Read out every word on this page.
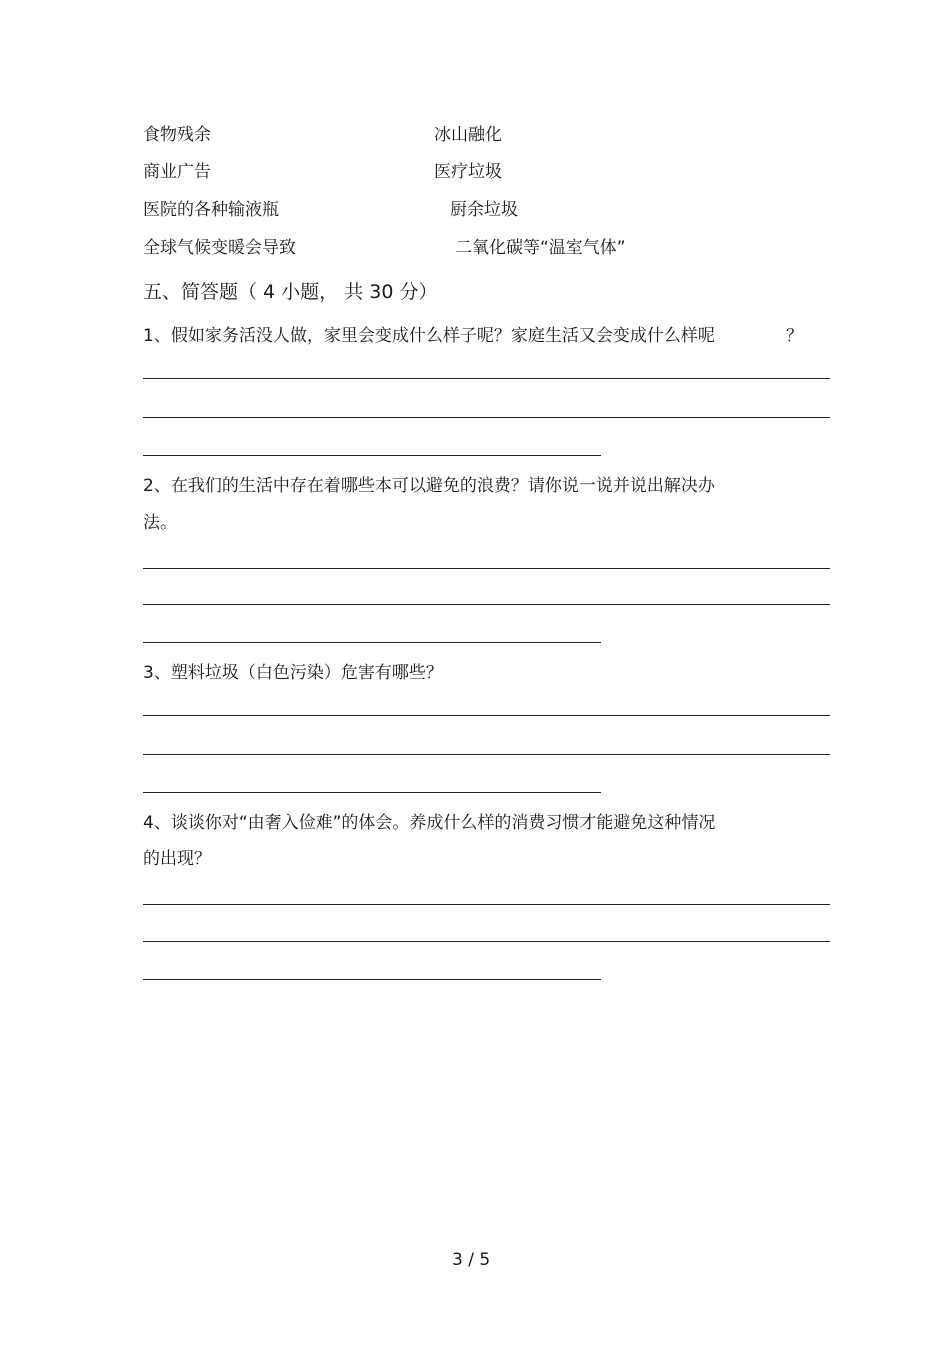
食物残余	冰山融化
商业广告	医疗垃圾
医院的各种输液瓶	厨余垃圾
全球气候变暖会导致	二氧化碳等“温室气体”
五、简答题（ 4 小题， 共 30 分）
1、假如家务活没人做，家里会变成什么样子呢？家庭生活又会变成什么样呢	？
2、在我们的生活中存在着哪些本可以避免的浪费？请你说一说并说出解决办
法。
3、塑料垃圾（白色污染）危害有哪些？
4、谈谈你对“由奢入俭难”的体会。养成什么样的消费习惯才能避免这种情况
的出现？
3 / 5
